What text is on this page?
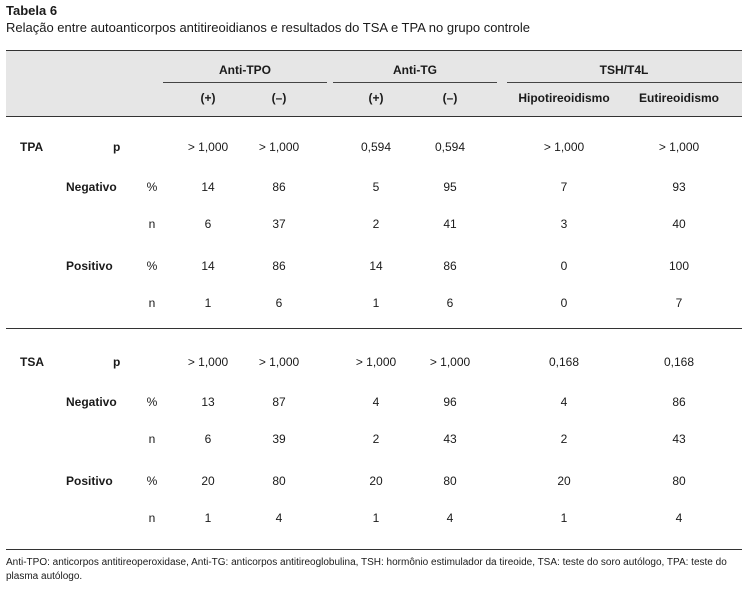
Tabela 6
Relação entre autoanticorpos antitireoidianos e resultados do TSA e TPA no grupo controle
Anti-TPO	Anti-TG	TSH/T4L
(+)	(–)	(+)	(–)	Hipotireoidismo Eutireoidismo
TPA	p	> 1,000	> 1,000	0,594	0,594	> 1,000	> 1,000
Negativo %	14	86	5	95	7	93
n	6	37	2	41	3	40
Positivo	%	14	86	14	86	0	100
n	1	6	1	6	0	7
TSA	p	> 1,000	> 1,000	> 1,000	> 1,000	0,168	0,168
Negativo %	13	87	4	96	4	86
n	6	39	2	43	2	43
Positivo	%	20	80	20	80	20	80
n	1	4	1	4	1	4
Anti-TPO: anticorpos antitireoperoxidase, Anti-TG: anticorpos antitireoglobulina, TSH: hormônio estimulador da tireoide, TSA: teste do soro autólogo, TPA: teste do plasma autólogo.
